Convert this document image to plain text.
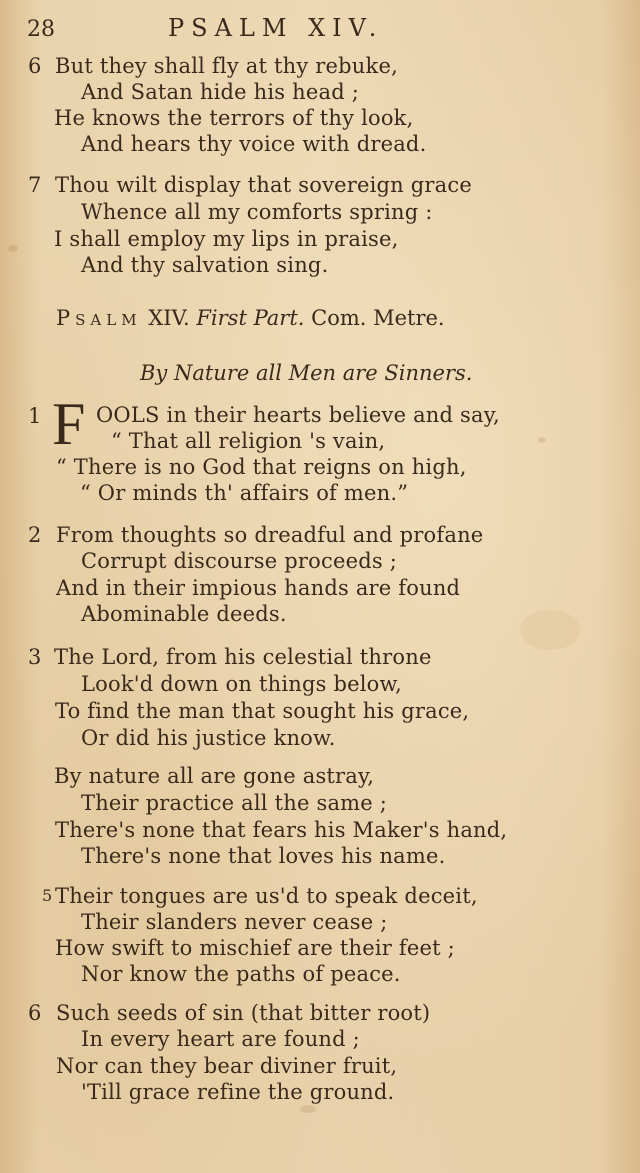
28	PSALM XIV.
6 But they shall fly at thy rebuke,
And Satan hide his head ;
He knows the terrors of thy look,
And hears thy voice with dread.
7 Thou wilt display that sovereign grace
Whence all my comforts spring :
I shall employ my lips in praise,
And thy salvation sing.
Psalm XIV. First Part. Com. Metre.
By Nature all Men are Sinners.
1 F OOLS in their hearts believe and say,
“ That all religion 's vain,
“ There is no God that reigns on high,
“ Or minds th' affairs of men.”
2 From thoughts so dreadful and profane
Corrupt discourse proceeds ;
And in their impious hands are found
Abominable deeds.
3 The Lord, from his celestial throne
Look'd down on things below,
To find the man that sought his grace,
Or did his justice know.
By nature all are gone astray,
Their practice all the same ;
There's none that fears his Maker's hand,
There's none that loves his name.
5 Their tongues are us'd to speak deceit,
Their slanders never cease ;
How swift to mischief are their feet ;
Nor know the paths of peace.
6 Such seeds of sin (that bitter root)
In every heart are found ;
Nor can they bear diviner fruit,
'Till grace refine the ground.
